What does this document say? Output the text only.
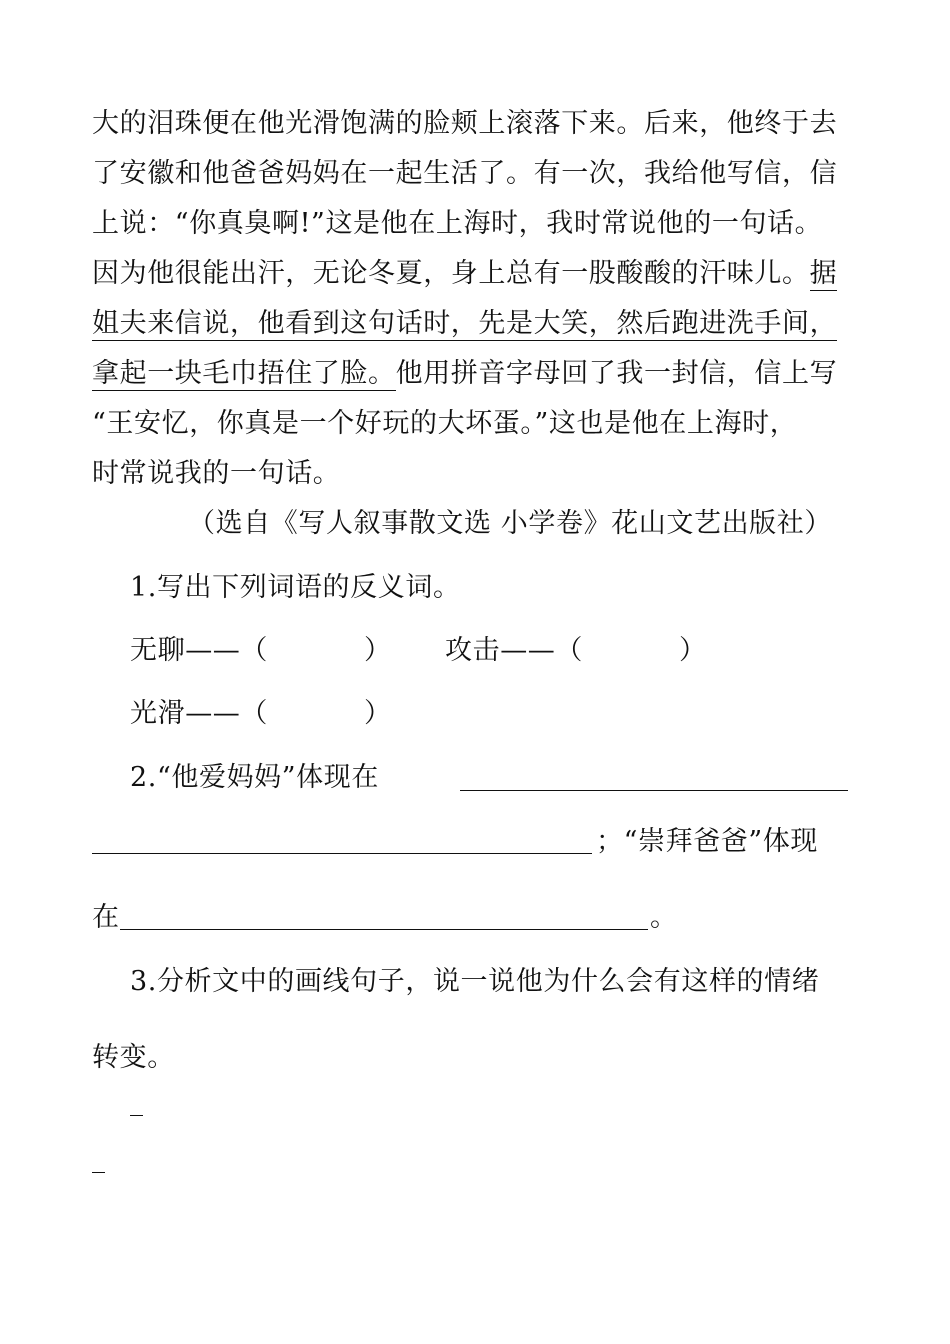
大的泪珠便在他光滑饱满的脸颊上滚落下来。后来，他终于去
了安徽和他爸爸妈妈在一起生活了。有一次，我给他写信，信
上说：“你真臭啊!”这是他在上海时，我时常说他的一句话。
因为他很能出汗，无论冬夏，身上总有一股酸酸的汗味儿。据
姐夫来信说，他看到这句话时，先是大笑，然后跑进洗手间，
拿起一块毛巾捂住了脸。他用拼音字母回了我一封信，信上写
“王安忆，你真是一个好玩的大坏蛋。”这也是他在上海时，
时常说我的一句话。
（选自《写人叙事散文选 小学卷》花山文艺出版社）
1.写出下列词语的反义词。
无聊——（	） 攻击——（	）
光滑——（	）
2.“他爱妈妈”体现在
；“崇拜爸爸”体现
在	。
3.分析文中的画线句子，说一说他为什么会有这样的情绪
转变。
